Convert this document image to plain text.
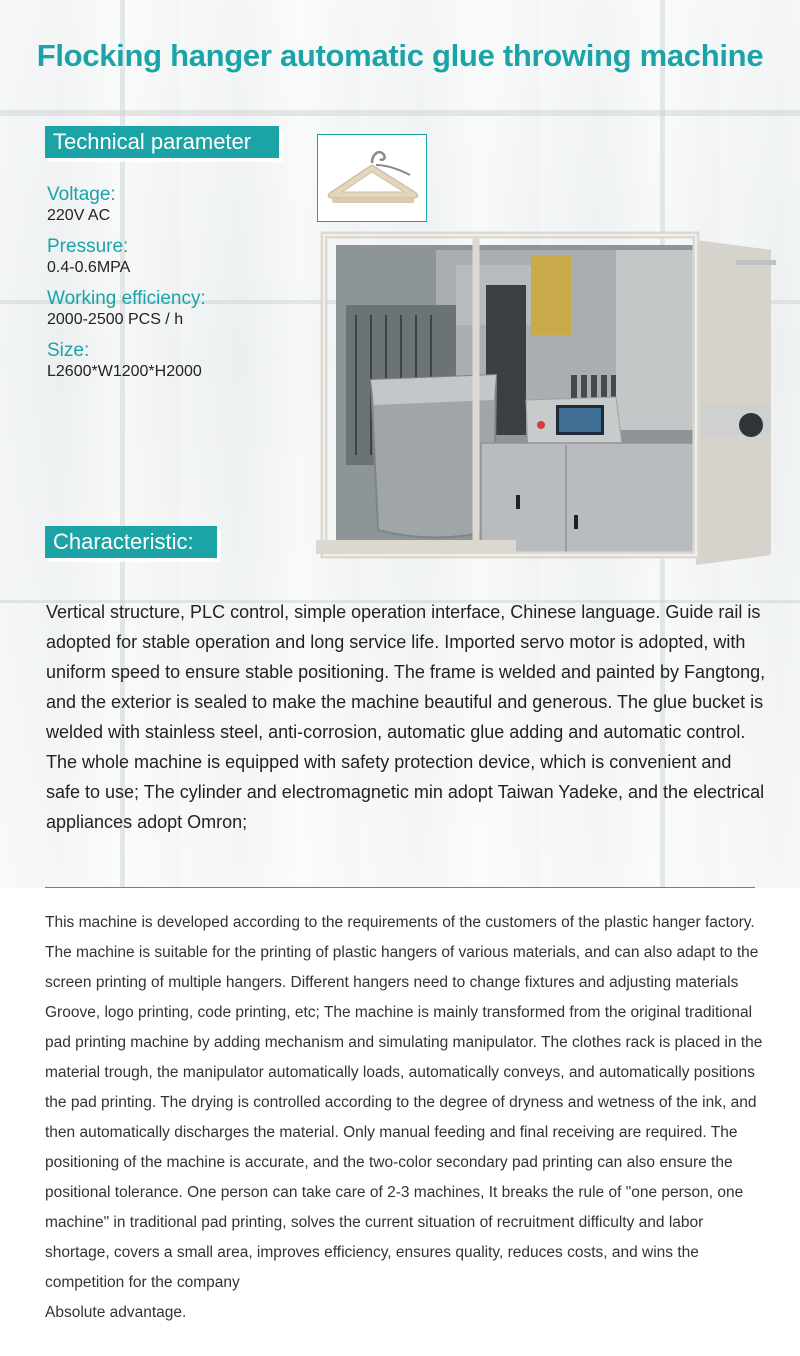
Flocking hanger automatic glue throwing machine
Technical parameter
Voltage:
220V AC
Pressure:
0.4-0.6MPA
Working efficiency:
2000-2500 PCS / h
Size:
L2600*W1200*H2000
Characteristic:

Vertical structure, PLC control, simple operation interface, Chinese language. Guide rail is adopted for stable operation and long service life. Imported servo motor is adopted, with uniform speed to ensure stable positioning. The frame is welded and painted by Fangtong, and the exterior is sealed to make the machine beautiful and generous. The glue bucket is welded with stainless steel, anti-corrosion, automatic glue adding and automatic control. The whole machine is equipped with safety protection device, which is convenient and safe to use; The cylinder and electromagnetic min adopt Taiwan Yadeke, and the electrical appliances adopt Omron;

This machine is developed according to the requirements of the customers of the plastic hanger factory. The machine is suitable for the printing of plastic hangers of various materials, and can also adapt to the screen printing of multiple hangers. Different hangers need to change fixtures and adjusting materials Groove, logo printing, code printing, etc; The machine is mainly transformed from the original traditional pad printing machine by adding mechanism and simulating manipulator. The clothes rack is placed in the material trough, the manipulator automatically loads, automatically conveys, and automatically positions the pad printing. The drying is controlled according to the degree of dryness and wetness of the ink, and then automatically discharges the material. Only manual feeding and final receiving are required. The positioning of the machine is accurate, and the two-color secondary pad printing can also ensure the positional tolerance. One person can take care of 2-3 machines, It breaks the rule of "one person, one machine" in traditional pad printing, solves the current situation of recruitment difficulty and labor shortage, covers a small area, improves efficiency, ensures quality, reduces costs, and wins the competition for the company

Absolute advantage.
